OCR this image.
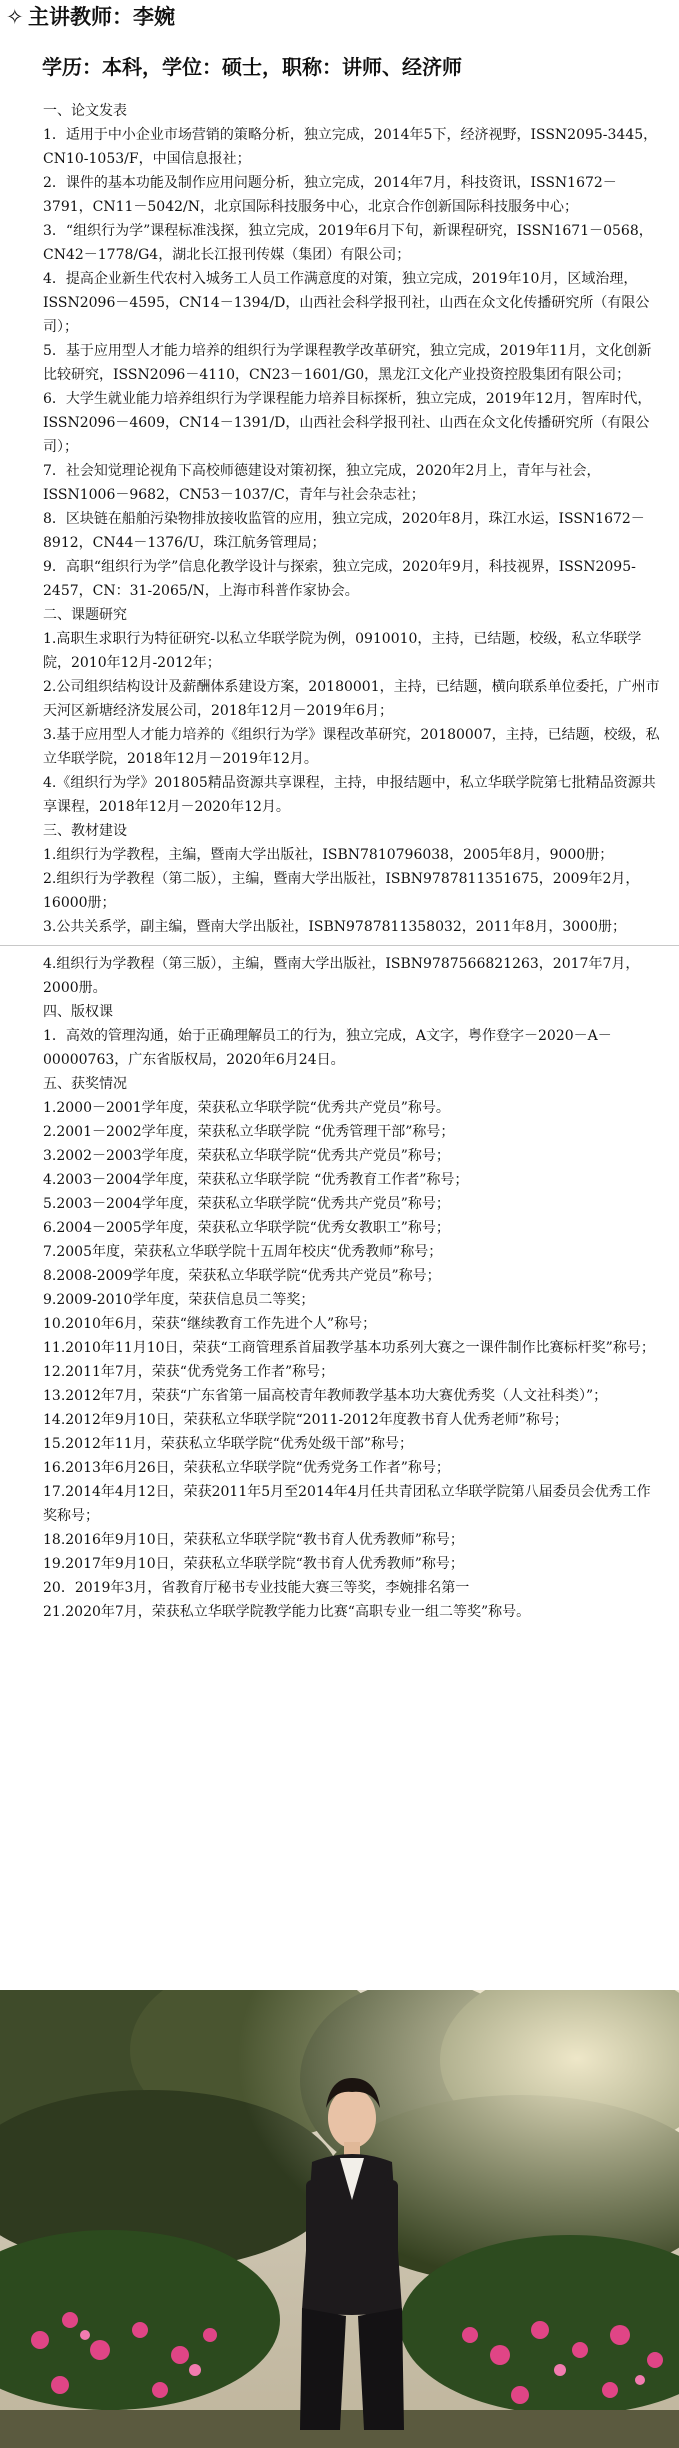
✧ 主讲教师：李婉
学历：本科，学位：硕士，职称：讲师、经济师

一、论文发表

1．适用于中小企业市场营销的策略分析，独立完成，2014年5下，经济视野，ISSN2095-3445，CN10-1053/F，中国信息报社；

2．课件的基本功能及制作应用问题分析，独立完成，2014年7月，科技资讯，ISSN1672－3791，CN11－5042/N，北京国际科技服务中心，北京合作创新国际科技服务中心；

3．“组织行为学”课程标准浅探，独立完成，2019年6月下旬，新课程研究，ISSN1671－0568，CN42－1778/G4，湖北长江报刊传媒（集团）有限公司；

4．提高企业新生代农村入城务工人员工作满意度的对策，独立完成，2019年10月，区域治理，ISSN2096－4595，CN14－1394/D，山西社会科学报刊社，山西在众文化传播研究所（有限公司）；

5．基于应用型人才能力培养的组织行为学课程教学改革研究，独立完成，2019年11月，文化创新比较研究，ISSN2096－4110，CN23－1601/G0，黑龙江文化产业投资控股集团有限公司；

6．大学生就业能力培养组织行为学课程能力培养目标探析，独立完成，2019年12月，智库时代，ISSN2096－4609，CN14－1391/D，山西社会科学报刊社、山西在众文化传播研究所（有限公司）；

7．社会知觉理论视角下高校师德建设对策初探，独立完成，2020年2月上，青年与社会，ISSN1006－9682，CN53－1037/C，青年与社会杂志社；

8．区块链在船舶污染物排放接收监管的应用，独立完成，2020年8月，珠江水运，ISSN1672－8912，CN44－1376/U，珠江航务管理局；

9．高职“组织行为学”信息化教学设计与探索，独立完成，2020年9月，科技视界，ISSN2095-2457，CN：31-2065/N，上海市科普作家协会。

二、课题研究

1.高职生求职行为特征研究-以私立华联学院为例，0910010，主持，已结题，校级，私立华联学院，2010年12月-2012年；

2.公司组织结构设计及薪酬体系建设方案，20180001，主持，已结题，横向联系单位委托，广州市天河区新塘经济发展公司，2018年12月－2019年6月；

3.基于应用型人才能力培养的《组织行为学》课程改革研究，20180007，主持，已结题，校级，私立华联学院，2018年12月－2019年12月。

4.《组织行为学》201805精品资源共享课程，主持，申报结题中，私立华联学院第七批精品资源共享课程，2018年12月－2020年12月。

三、教材建设

1.组织行为学教程，主编，暨南大学出版社，ISBN7810796038，2005年8月，9000册；

2.组织行为学教程（第二版），主编，暨南大学出版社，ISBN9787811351675，2009年2月，16000册；

3.公共关系学，副主编，暨南大学出版社，ISBN9787811358032，2011年8月，3000册；

4.组织行为学教程（第三版），主编，暨南大学出版社，ISBN9787566821263，2017年7月，2000册。

四、版权课

1．高效的管理沟通，始于正确理解员工的行为，独立完成，A文字，粤作登字－2020－A－00000763，广东省版权局，2020年6月24日。

五、获奖情况

1.2000－2001学年度，荣获私立华联学院“优秀共产党员”称号。

2.2001－2002学年度，荣获私立华联学院 “优秀管理干部”称号；

3.2002－2003学年度，荣获私立华联学院“优秀共产党员”称号；

4.2003－2004学年度，荣获私立华联学院 “优秀教育工作者”称号；

5.2003－2004学年度，荣获私立华联学院“优秀共产党员”称号；

6.2004－2005学年度，荣获私立华联学院“优秀女教职工”称号；

7.2005年度，荣获私立华联学院十五周年校庆“优秀教师”称号；

8.2008-2009学年度，荣获私立华联学院“优秀共产党员”称号；

9.2009-2010学年度，荣获信息员二等奖；

10.2010年6月，荣获“继续教育工作先进个人”称号；

11.2010年11月10日，荣获“工商管理系首届教学基本功系列大赛之一课件制作比赛标杆奖”称号；

12.2011年7月，荣获“优秀党务工作者”称号；

13.2012年7月，荣获“广东省第一届高校青年教师教学基本功大赛优秀奖（人文社科类）”；

14.2012年9月10日，荣获私立华联学院“2011-2012年度教书育人优秀老师”称号；

15.2012年11月，荣获私立华联学院“优秀处级干部”称号；

16.2013年6月26日，荣获私立华联学院“优秀党务工作者”称号；

17.2014年4月12日，荣获2011年5月至2014年4月任共青团私立华联学院第八届委员会优秀工作奖称号；

18.2016年9月10日，荣获私立华联学院“教书育人优秀教师”称号；

19.2017年9月10日，荣获私立华联学院“教书育人优秀教师”称号；

20．2019年3月，省教育厅秘书专业技能大赛三等奖，李婉排名第一

21.2020年7月，荣获私立华联学院教学能力比赛“高职专业一组二等奖”称号。
